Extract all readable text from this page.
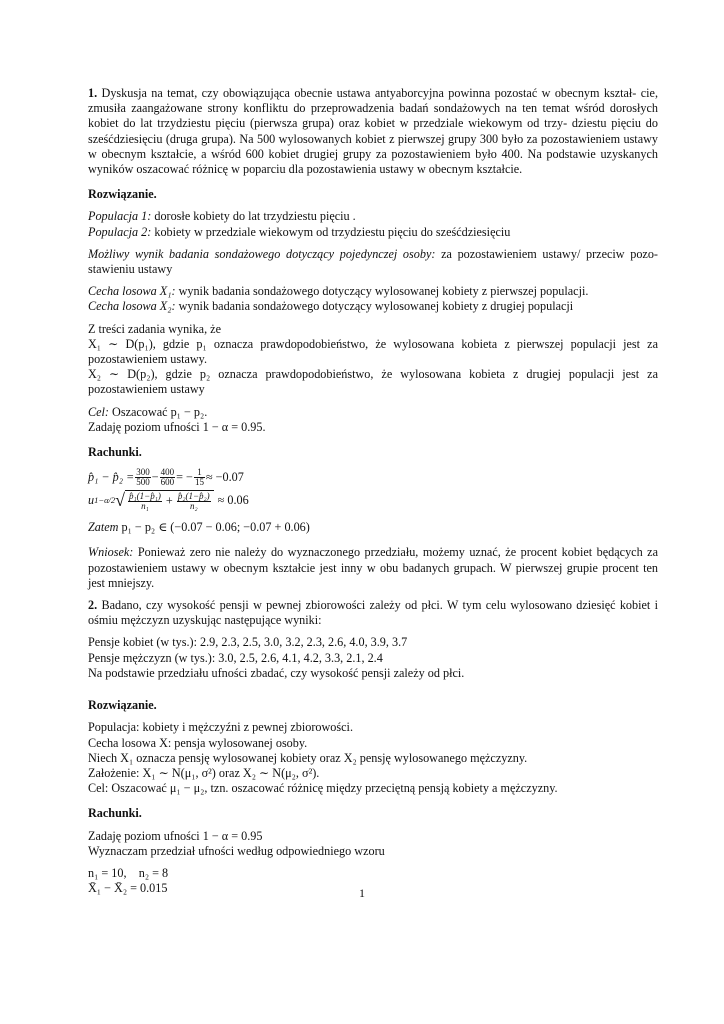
1. Dyskusja na temat, czy obowiązująca obecnie ustawa antyaborcyjna powinna pozostać w obecnym kształ- cie, zmusiła zaangażowane strony konfliktu do przeprowadzenia badań sondażowych na ten temat wśród dorosłych kobiet do lat trzydziestu pięciu (pierwsza grupa) oraz kobiet w przedziale wiekowym od trzy- dziestu pięciu do sześćdziesięciu (druga grupa). Na 500 wylosowanych kobiet z pierwszej grupy 300 było za pozostawieniem ustawy w obecnym kształcie, a wśród 600 kobiet drugiej grupy za pozostawieniem było 400. Na podstawie uzyskanych wyników oszacować różnicę w poparciu dla pozostawienia ustawy w obecnym kształcie.

Rozwiązanie.

Populacja 1: dorosłe kobiety do lat trzydziestu pięciu .

Populacja 2: kobiety w przedziale wiekowym od trzydziestu pięciu do sześćdziesięciu

Możliwy wynik badania sondażowego dotyczący pojedynczej osoby: za pozostawieniem ustawy/ przeciw pozo- stawieniu ustawy

Cecha losowa X₁: wynik badania sondażowego dotyczący wylosowanej kobiety z pierwszej populacji.

Cecha losowa X₂: wynik badania sondażowego dotyczący wylosowanej kobiety z drugiej populacji

Z treści zadania wynika, że

X₁ ∼ D(p₁), gdzie p₁ oznacza prawdopodobieństwo, że wylosowana kobieta z pierwszej populacji jest za pozostawieniem ustawy.

X₂ ∼ D(p₂), gdzie p₂ oznacza prawdopodobieństwo, że wylosowana kobieta z drugiej populacji jest za pozostawieniem ustawy

Cel: Oszacować p₁ − p₂.

Zadaję poziom ufności 1 − α = 0.95.

Rachunki.

p̂₁ − p̂₂ = $\frac{300}{500} - \frac{400}{600}$ = − $\frac{1}{15} \approx -0.07$
u 1−α/2 √ $\frac{\text{p̂₁(1−p̂₁)}}{\text{n₁}} + \frac{\text{p̂₂(1−p̂₂)}}{\text{n₂}} \approx 0.06$

Zatem p₁ − p₂ ∈ (−0.07 − 0.06; −0.07 + 0.06)

Wniosek: Ponieważ zero nie należy do wyznaczonego przedziału, możemy uznać, że procent kobiet będących za pozostawieniem ustawy w obecnym kształcie jest inny w obu badanych grupach. W pierwszej grupie procent ten jest mniejszy.

2. Badano, czy wysokość pensji w pewnej zbiorowości zależy od płci. W tym celu wylosowano dziesięć kobiet i ośmiu mężczyzn uzyskując następujące wyniki:

Pensje kobiet (w tys.): 2.9, 2.3, 2.5, 3.0, 3.2, 2.3, 2.6, 4.0, 3.9, 3.7

Pensje mężczyzn (w tys.): 3.0, 2.5, 2.6, 4.1, 4.2, 3.3, 2.1, 2.4

Na podstawie przedziału ufności zbadać, czy wysokość pensji zależy od płci.

Rozwiązanie.

Populacja: kobiety i mężczyźni z pewnej zbiorowości.

Cecha losowa X: pensja wylosowanej osoby.

Niech X₁ oznacza pensję wylosowanej kobiety oraz X₂ pensję wylosowanego mężczyzny.

Założenie: X₁ ∼ N(μ₁, σ²) oraz X₂ ∼ N(μ₂, σ²).

Cel: Oszacować μ₁ − μ₂, tzn. oszacować różnicę między przeciętną pensją kobiety a mężczyzny.

Rachunki.

Zadaję poziom ufności 1 − α = 0.95

Wyznaczam przedział ufności według odpowiedniego wzoru

n₁ = 10,    n₂ = 8

X̄₁ − X̄₂ = 0.015	1
